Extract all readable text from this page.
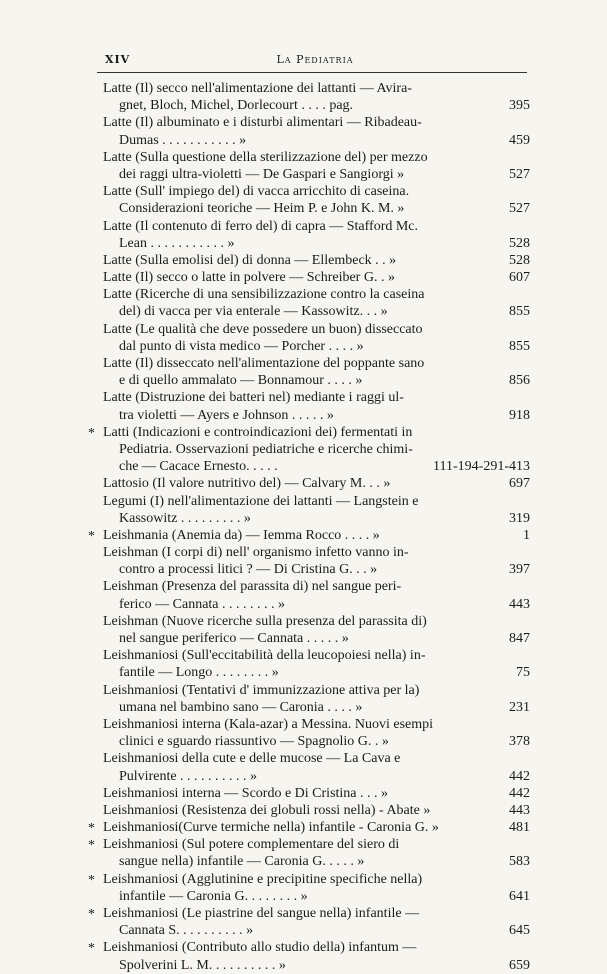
XIV	La Pediatria
Latte (Il) secco nell'alimentazione dei lattanti — Avira-
gnet, Bloch, Michel, Dorlecourt . . . . pag.	395
Latte (Il) albuminato e i disturbi alimentari — Ribadeau-
Dumas . . . . . . . . . . . »	459
Latte (Sulla questione della sterilizzazione del) per mezzo
dei raggi ultra-violetti — De Gaspari e Sangiorgi »	527
Latte (Sull' impiego del) di vacca arricchito di caseina.
Considerazioni teoriche — Heim P. e John K. M. »	527
Latte (Il contenuto di ferro del) di capra — Stafford Mc.
Lean . . . . . . . . . . . »	528
Latte (Sulla emolisi del) di donna — Ellembeck . . »	528
Latte (Il) secco o latte in polvere — Schreiber G. . »	607
Latte (Ricerche di una sensibilizzazione contro la caseina
del) di vacca per via enterale — Kassowitz. . . »	855
Latte (Le qualità che deve possedere un buon) disseccato
dal punto di vista medico — Porcher . . . . »	855
Latte (Il) disseccato nell'alimentazione del poppante sano
e di quello ammalato — Bonnamour . . . . »	856
Latte (Distruzione dei batteri nel) mediante i raggi ul-
tra violetti — Ayers e Johnson . . . . . »	918
* Latti (Indicazioni e controindicazioni dei) fermentati in
Pediatria. Osservazioni pediatriche e ricerche chimi-
che — Cacace Ernesto. . . . .	111-194-291-413
Lattosio (Il valore nutritivo del) — Calvary M. . . »	697
Legumi (I) nell'alimentazione dei lattanti — Langstein e
Kassowitz . . . . . . . . . »	319
* Leishmania (Anemia da) — Iemma Rocco . . . . »	1
Leishman (I corpi di) nell' organismo infetto vanno in-
contro a processi litici ? — Di Cristina G. . . »	397
Leishman (Presenza del parassita di) nel sangue peri-
ferico — Cannata . . . . . . . . »	443
Leishman (Nuove ricerche sulla presenza del parassita di)
nel sangue periferico — Cannata . . . . . »	847
Leishmaniosi (Sull'eccitabilità della leucopoiesi nella) in-
fantile — Longo . . . . . . . . »	75
Leishmaniosi (Tentativi d' immunizzazione attiva per la)
umana nel bambino sano — Caronia . . . . »	231
Leishmaniosi interna (Kala-azar) a Messina. Nuovi esempi
clinici e sguardo riassuntivo — Spagnolio G. . »	378
Leishmaniosi della cute e delle mucose — La Cava e
Pulvirente . . . . . . . . . . »	442
Leishmaniosi interna — Scordo e Di Cristina . . . »	442
Leishmaniosi (Resistenza dei globuli rossi nella) - Abate »	443
* Leishmaniosi(Curve termiche nella) infantile - Caronia G. »	481
* Leishmaniosi (Sul potere complementare del siero di
sangue nella) infantile — Caronia G. . . . . »	583
* Leishmaniosi (Agglutinine e precipitine specifiche nella)
infantile — Caronia G. . . . . . . . »	641
* Leishmaniosi (Le piastrine del sangue nella) infantile —
Cannata S. . . . . . . . . . »	645
* Leishmaniosi (Contributo allo studio della) infantum —
Spolverini L. M. . . . . . . . . . »	659
